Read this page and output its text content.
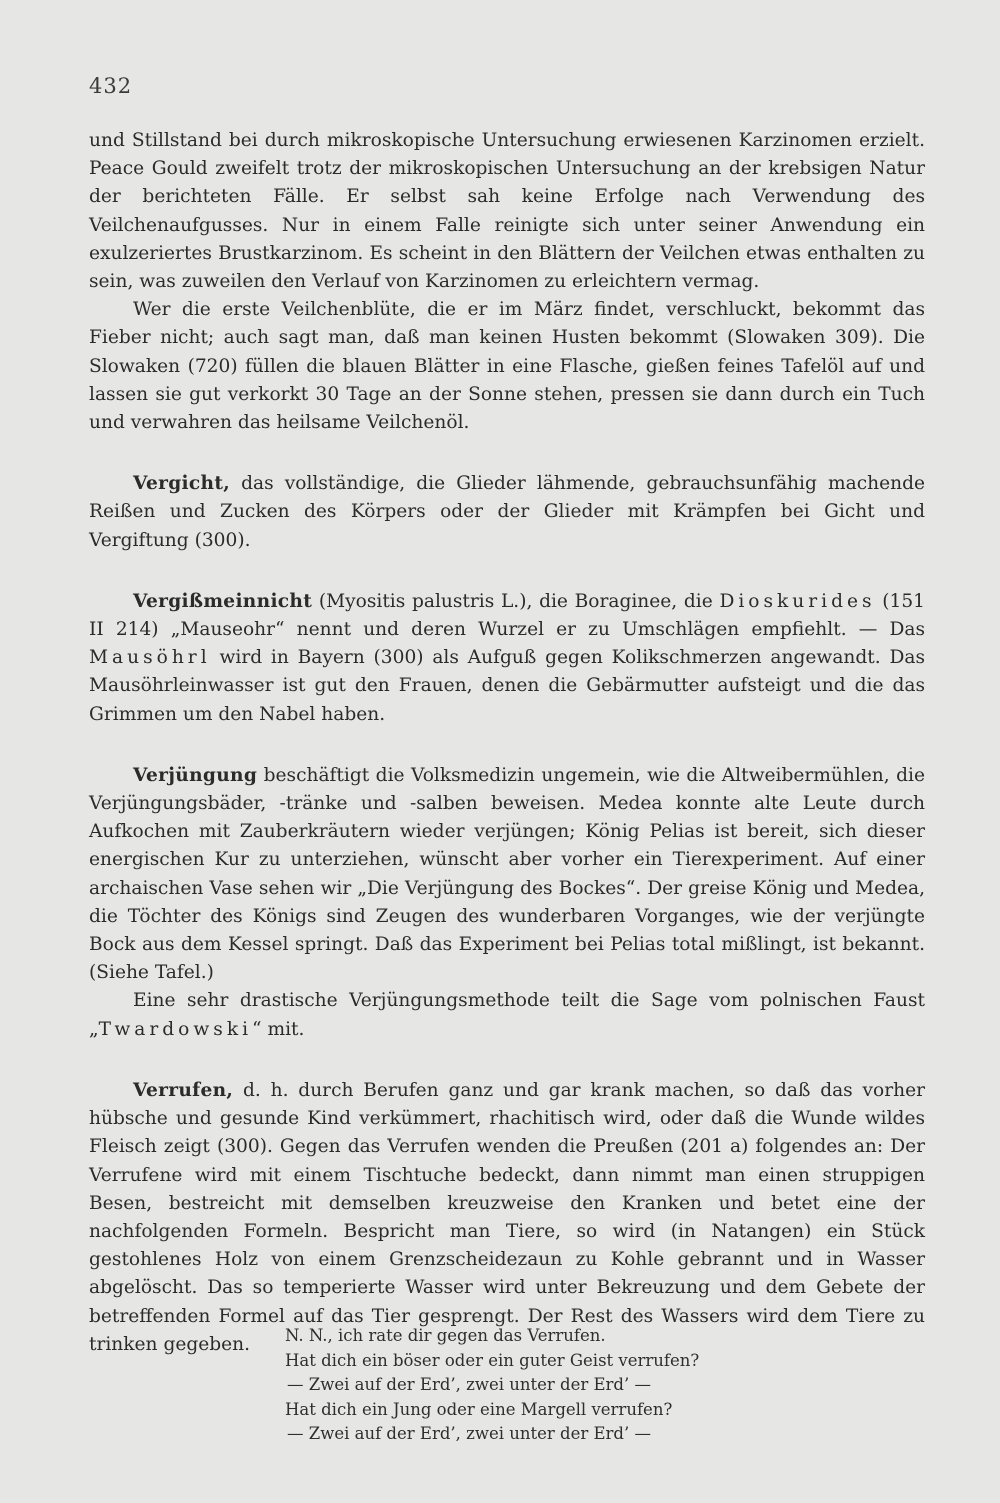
432

und Stillstand bei durch mikroskopische Untersuchung erwiesenen Karzinomen erzielt. Peace Gould zweifelt trotz der mikroskopischen Untersuchung an der krebsigen Natur der berichteten Fälle. Er selbst sah keine Erfolge nach Verwendung des Veilchenaufgusses. Nur in einem Falle reinigte sich unter seiner Anwendung ein exulzeriertes Brustkarzinom. Es scheint in den Blättern der Veilchen etwas enthalten zu sein, was zuweilen den Verlauf von Karzinomen zu erleichtern vermag.

Wer die erste Veilchenblüte, die er im März findet, verschluckt, bekommt das Fieber nicht; auch sagt man, daß man keinen Husten bekommt (Slowaken 309). Die Slowaken (720) füllen die blauen Blätter in eine Flasche, gießen feines Tafelöl auf und lassen sie gut verkorkt 30 Tage an der Sonne stehen, pressen sie dann durch ein Tuch und verwahren das heilsame Veilchenöl.

Vergicht, das vollständige, die Glieder lähmende, gebrauchsunfähig machende Reißen und Zucken des Körpers oder der Glieder mit Krämpfen bei Gicht und Vergiftung (300).

Vergißmeinnicht (Myositis palustris L.), die Boraginee, die Dioskurides (151 II 214) „Mauseohr“ nennt und deren Wurzel er zu Umschlägen empfiehlt. — Das Mausöhrl wird in Bayern (300) als Aufguß gegen Kolikschmerzen angewandt. Das Mausöhrleinwasser ist gut den Frauen, denen die Gebärmutter aufsteigt und die das Grimmen um den Nabel haben.

Verjüngung beschäftigt die Volksmedizin ungemein, wie die Altweibermühlen, die Verjüngungsbäder, -tränke und -salben beweisen. Medea konnte alte Leute durch Aufkochen mit Zauberkräutern wieder verjüngen; König Pelias ist bereit, sich dieser energischen Kur zu unterziehen, wünscht aber vorher ein Tierexperiment. Auf einer archaischen Vase sehen wir „Die Verjüngung des Bockes“. Der greise König und Medea, die Töchter des Königs sind Zeugen des wunderbaren Vorganges, wie der verjüngte Bock aus dem Kessel springt. Daß das Experiment bei Pelias total mißlingt, ist bekannt. (Siehe Tafel.)

Eine sehr drastische Verjüngungsmethode teilt die Sage vom polnischen Faust „Twardowski“ mit.

Verrufen, d. h. durch Berufen ganz und gar krank machen, so daß das vorher hübsche und gesunde Kind verkümmert, rhachitisch wird, oder daß die Wunde wildes Fleisch zeigt (300). Gegen das Verrufen wenden die Preußen (201 a) folgendes an: Der Verrufene wird mit einem Tischtuche bedeckt, dann nimmt man einen struppigen Besen, bestreicht mit demselben kreuzweise den Kranken und betet eine der nachfolgenden Formeln. Bespricht man Tiere, so wird (in Natangen) ein Stück gestohlenes Holz von einem Grenzscheidezaun zu Kohle gebrannt und in Wasser abgelöscht. Das so temperierte Wasser wird unter Bekreuzung und dem Gebete der betreffenden Formel auf das Tier gesprengt. Der Rest des Wassers wird dem Tiere zu trinken gegeben.	N. N., ich rate dir gegen das Verrufen.
Hat dich ein böser oder ein guter Geist verrufen?
— Zwei auf der Erd’, zwei unter der Erd’ —
Hat dich ein Jung oder eine Margell verrufen?
— Zwei auf der Erd’, zwei unter der Erd’ —
